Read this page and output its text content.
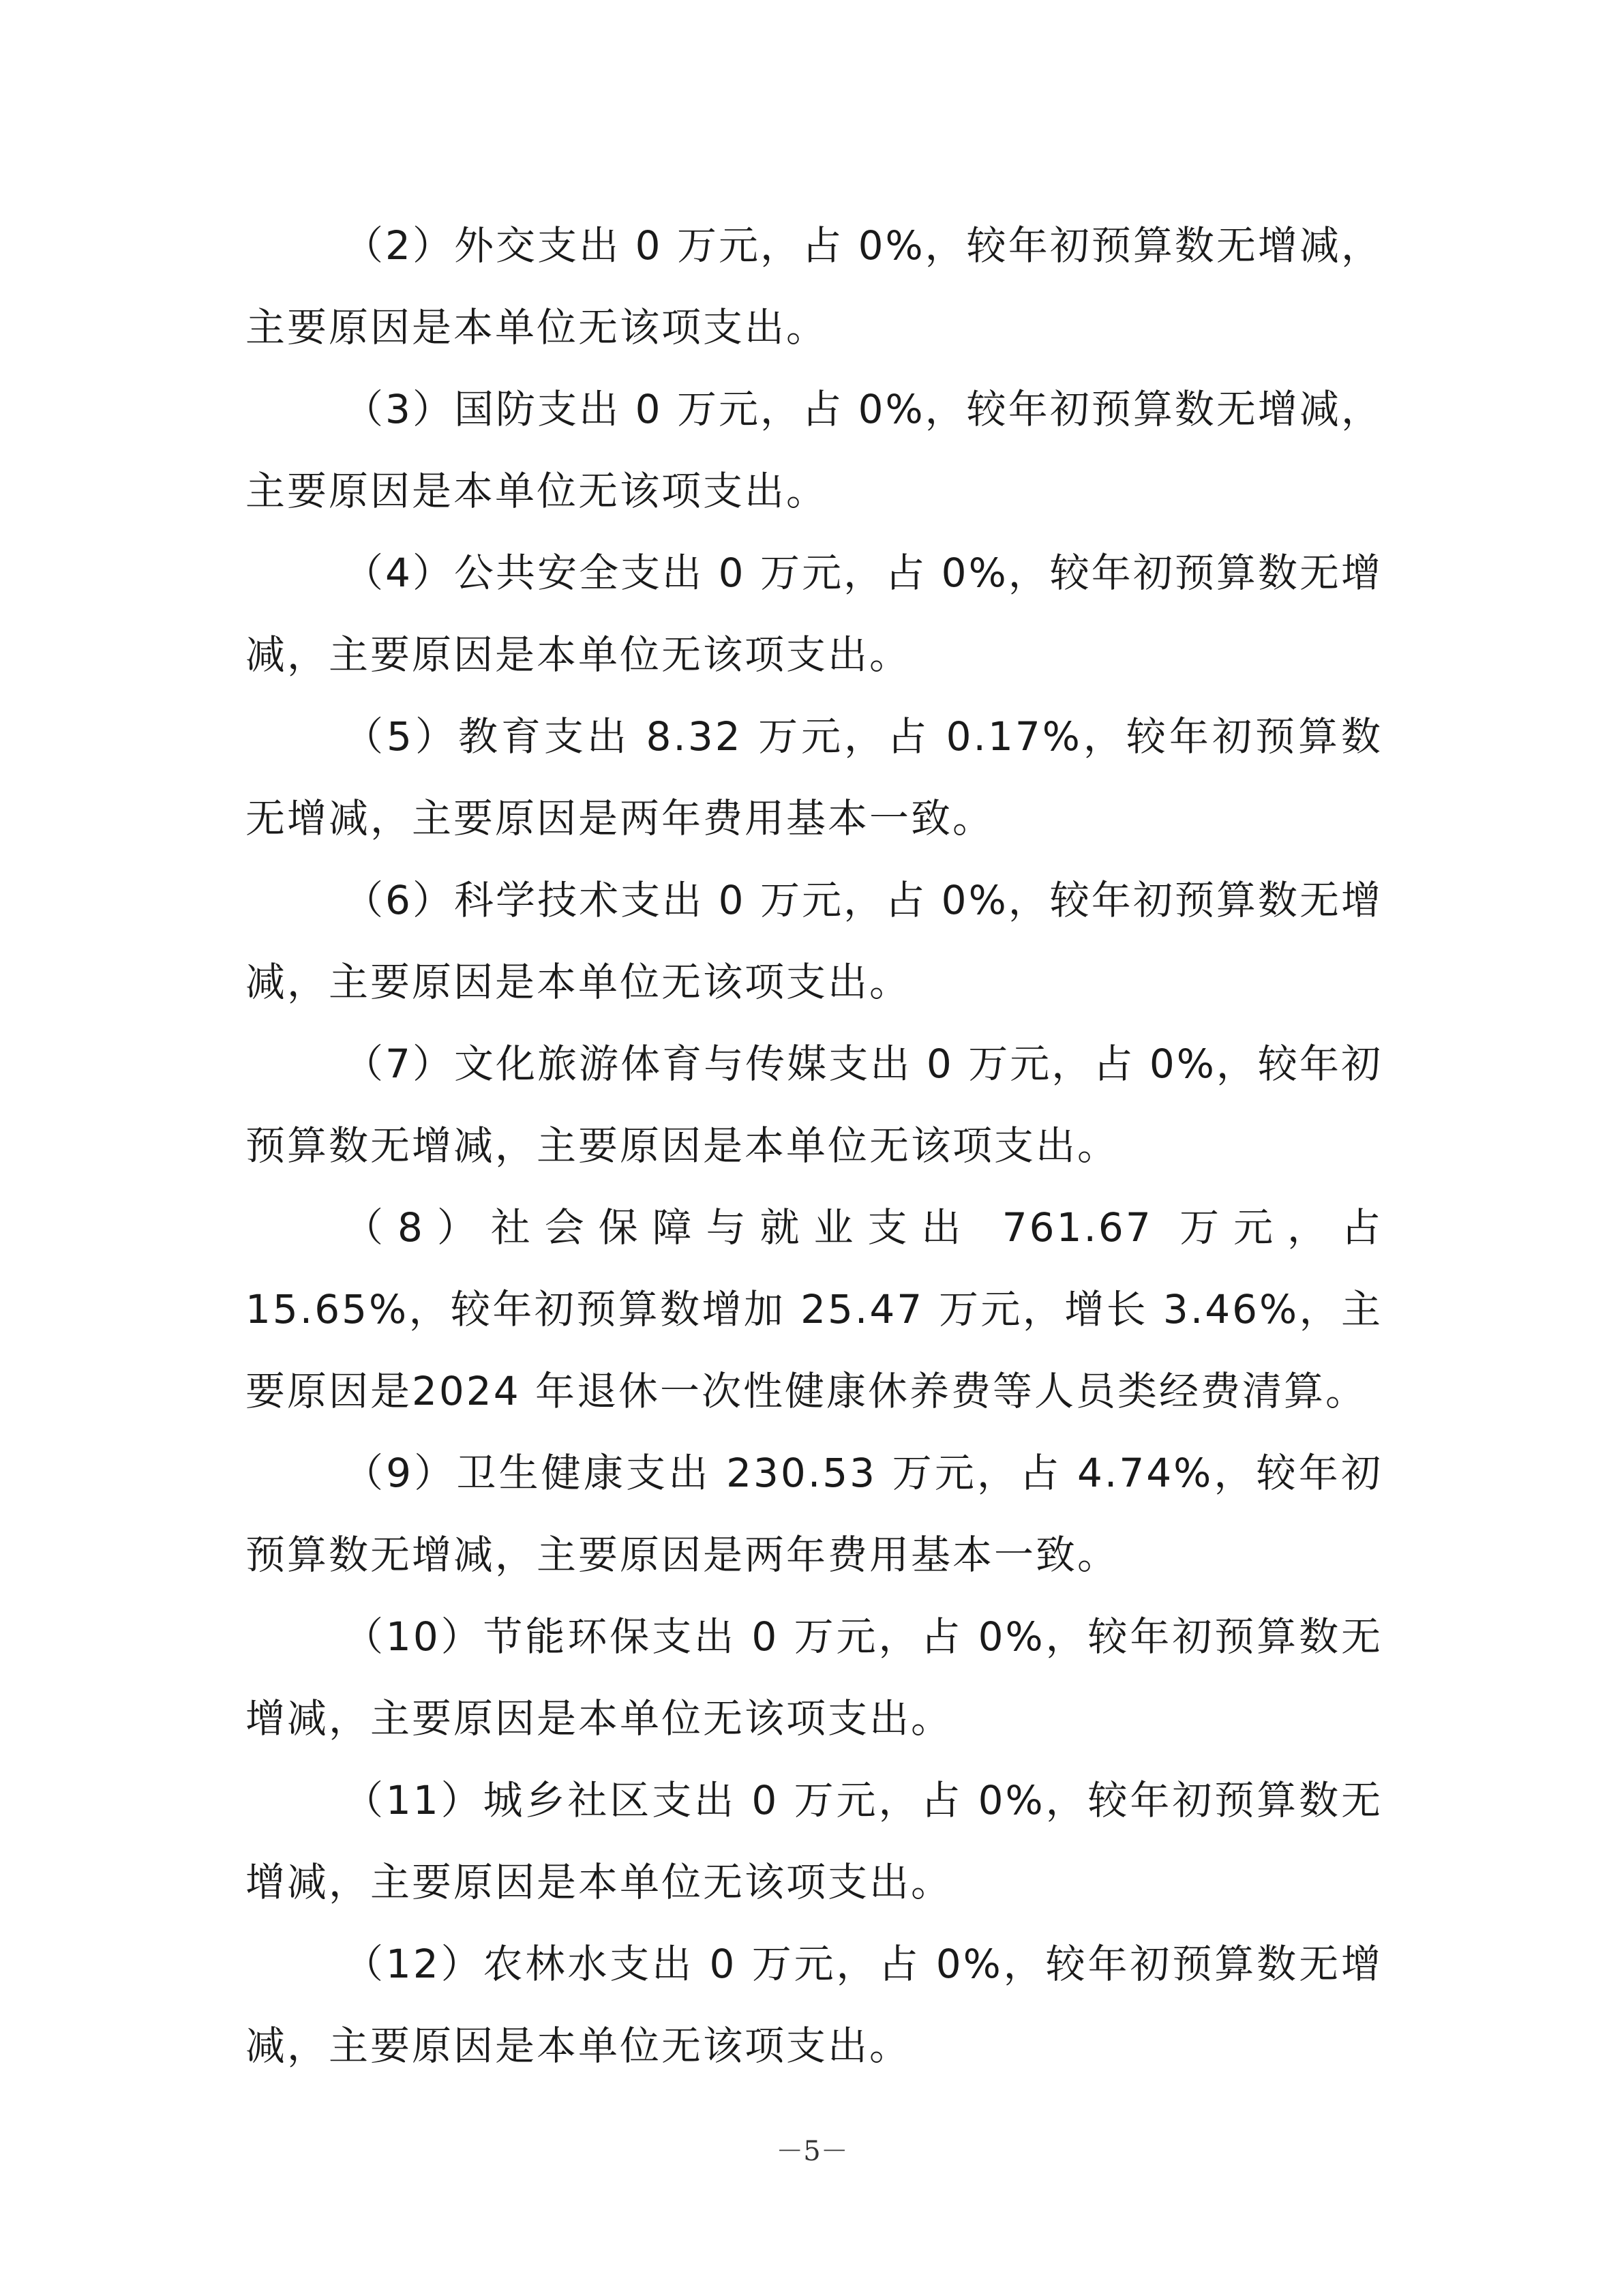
（2）外交支出 0 万元，占 0%，较年初预算数无增减，主要原因是本单位无该项支出。

（3）国防支出 0 万元，占 0%，较年初预算数无增减，主要原因是本单位无该项支出。

（4）公共安全支出 0 万元，占 0%，较年初预算数无增减，主要原因是本单位无该项支出。

（5）教育支出 8.32 万元，占 0.17%，较年初预算数无增减，主要原因是两年费用基本一致。

（6）科学技术支出 0 万元，占 0%，较年初预算数无增减，主要原因是本单位无该项支出。

（7）文化旅游体育与传媒支出 0 万元，占 0%，较年初预算数无增减，主要原因是本单位无该项支出。

（8）社会保障与就业支出 761.67 万元，占 15.65%，较年初预算数增加 25.47 万元，增长 3.46%，主要原因是2024 年退休一次性健康休养费等人员类经费清算。

（9）卫生健康支出 230.53 万元，占 4.74%，较年初预算数无增减，主要原因是两年费用基本一致。

（10）节能环保支出 0 万元，占 0%，较年初预算数无增减，主要原因是本单位无该项支出。

（11）城乡社区支出 0 万元，占 0%，较年初预算数无增减，主要原因是本单位无该项支出。

（12）农林水支出 0 万元，占 0%，较年初预算数无增减，主要原因是本单位无该项支出。

－5－
